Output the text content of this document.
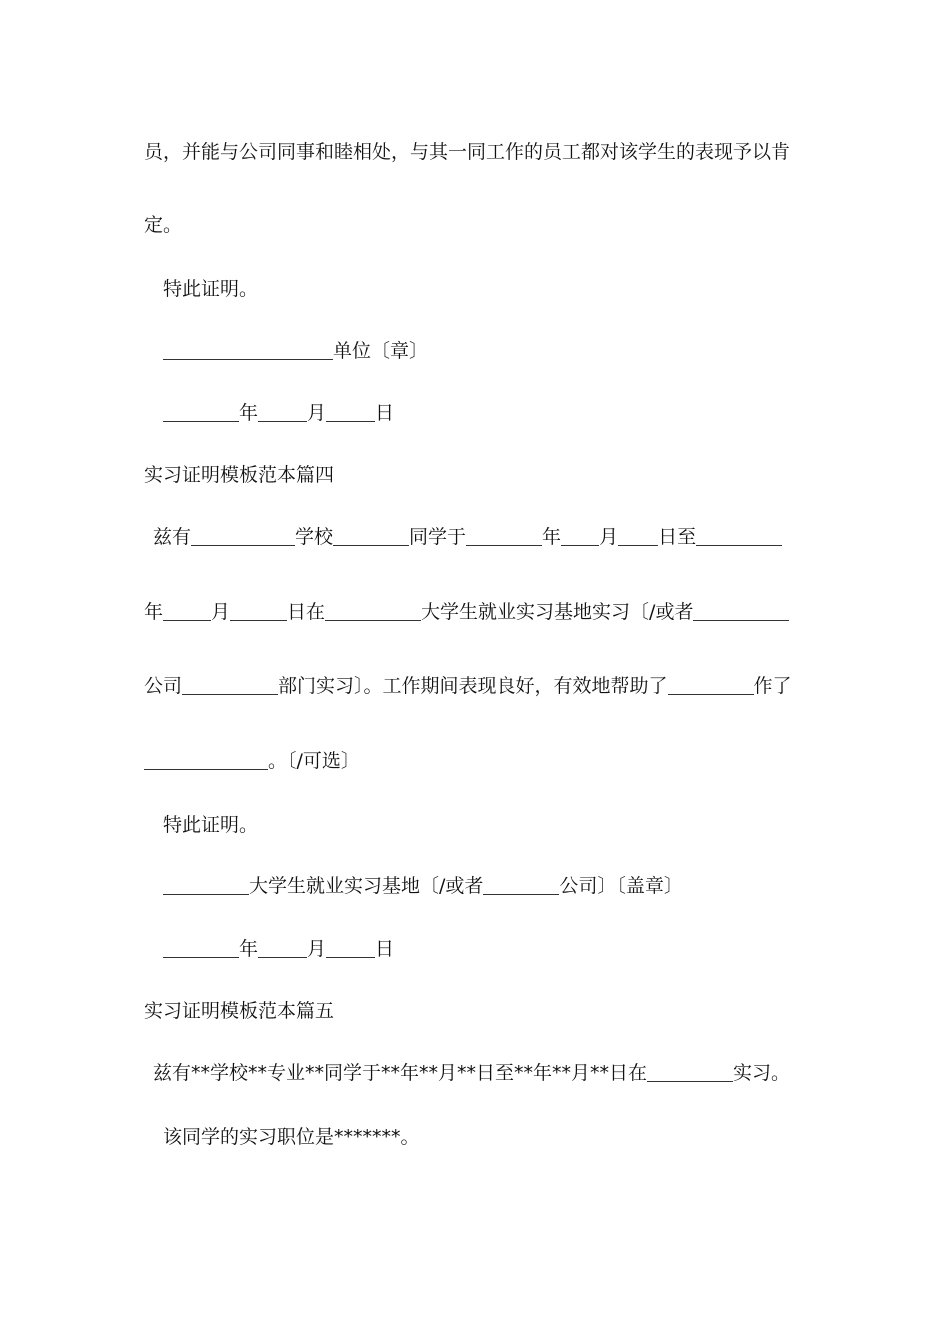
员，并能与公司同事和睦相处，与其一同工作的员工都对该学生的表现予以肯

定。

特此证明。

单位〔章〕

年	月	日

实习证明模板范本篇四

兹有	学校	同学于	年 月 日至

年	月	日在	大学生就业实习基地实习〔/或者

公司	部门实习〕。工作期间表现良好，有效地帮助了	作了

。〔/可选〕

特此证明。

大学生就业实习基地〔/或者	公司〕〔盖章〕

年	月	日

实习证明模板范本篇五

兹有**学校**专业**同学于**年**月**日至**年**月**日在	实习。

该同学的实习职位是*******。
